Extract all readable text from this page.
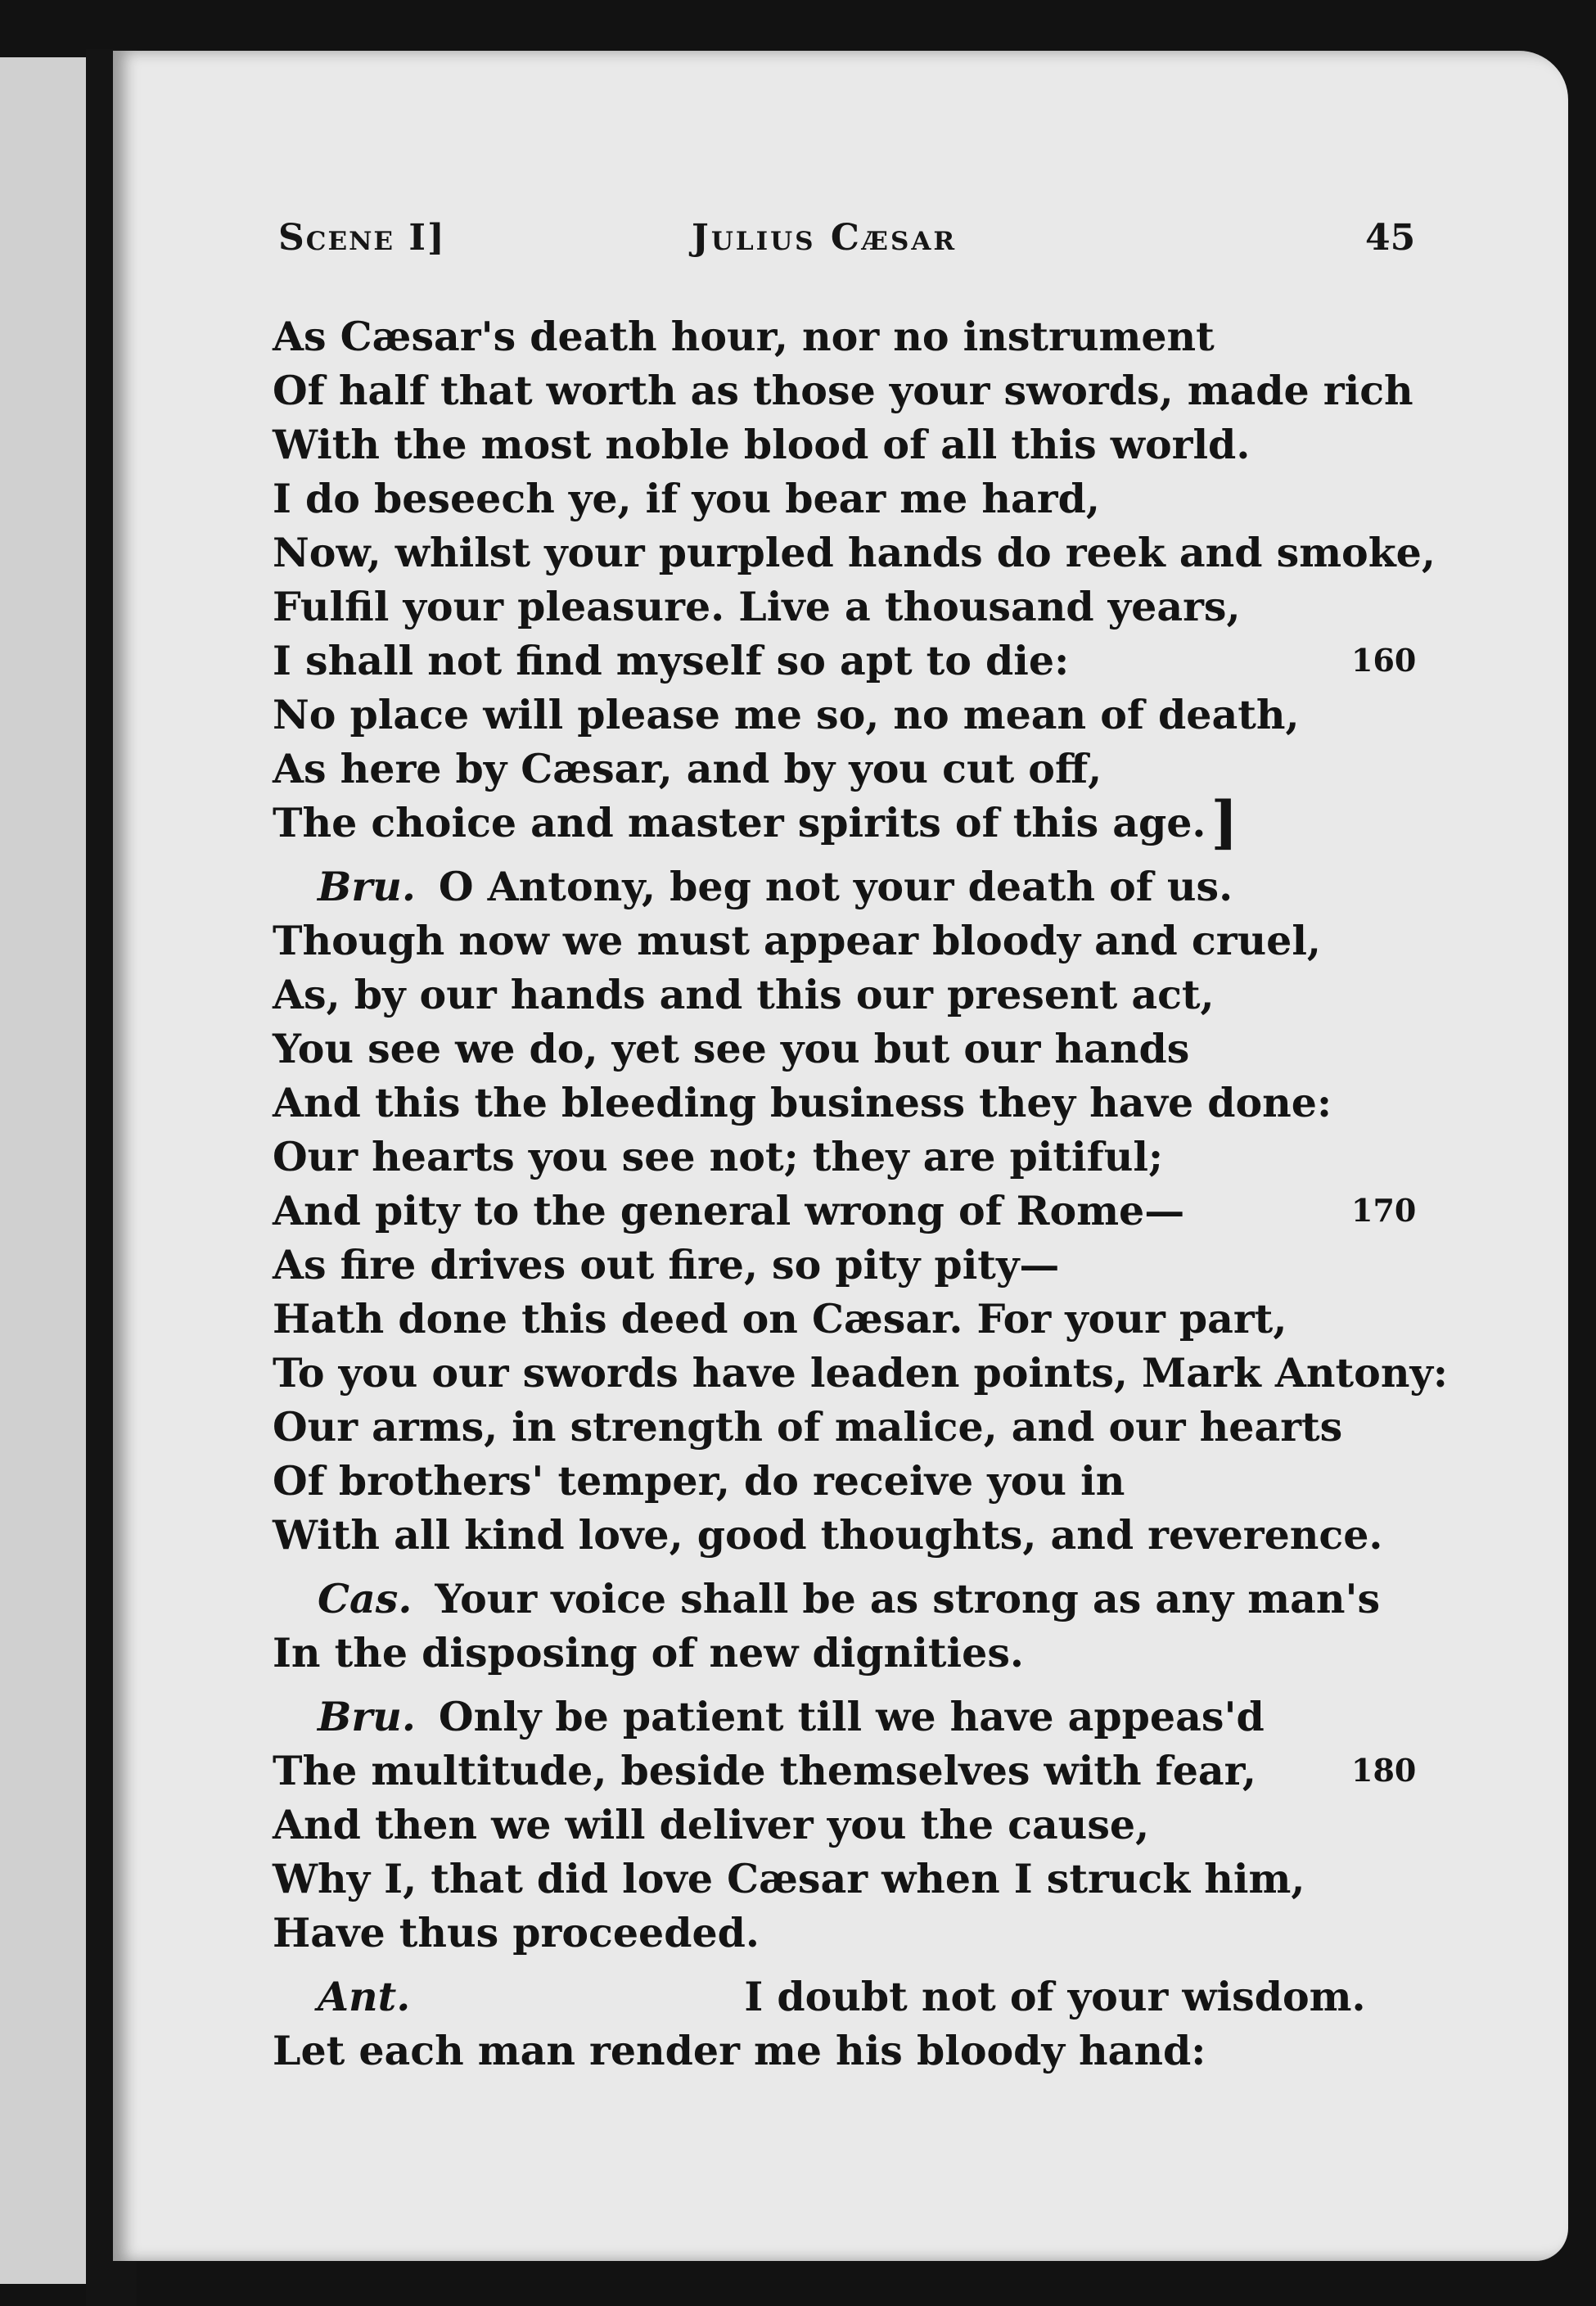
Scene I]	Julius Cæsar	45
As Cæsar's death hour, nor no instrument
Of half that worth as those your swords, made rich
With the most noble blood of all this world.
I do beseech ye, if you bear me hard,
Now, whilst your purpled hands do reek and smoke,
Fulfil your pleasure. Live a thousand years,
I shall not find myself so apt to die:	160
No place will please me so, no mean of death,
As here by Cæsar, and by you cut off,
The choice and master spirits of this age.]
Bru. O Antony, beg not your death of us.
Though now we must appear bloody and cruel,
As, by our hands and this our present act,
You see we do, yet see you but our hands
And this the bleeding business they have done:
Our hearts you see not; they are pitiful;
And pity to the general wrong of Rome—	170
As fire drives out fire, so pity pity—
Hath done this deed on Cæsar. For your part,
To you our swords have leaden points, Mark Antony:
Our arms, in strength of malice, and our hearts
Of brothers' temper, do receive you in
With all kind love, good thoughts, and reverence.
Cas. Your voice shall be as strong as any man's
In the disposing of new dignities.
Bru. Only be patient till we have appeas'd
The multitude, beside themselves with fear,	180
And then we will deliver you the cause,
Why I, that did love Cæsar when I struck him,
Have thus proceeded.
Ant.	I doubt not of your wisdom.
Let each man render me his bloody hand:
